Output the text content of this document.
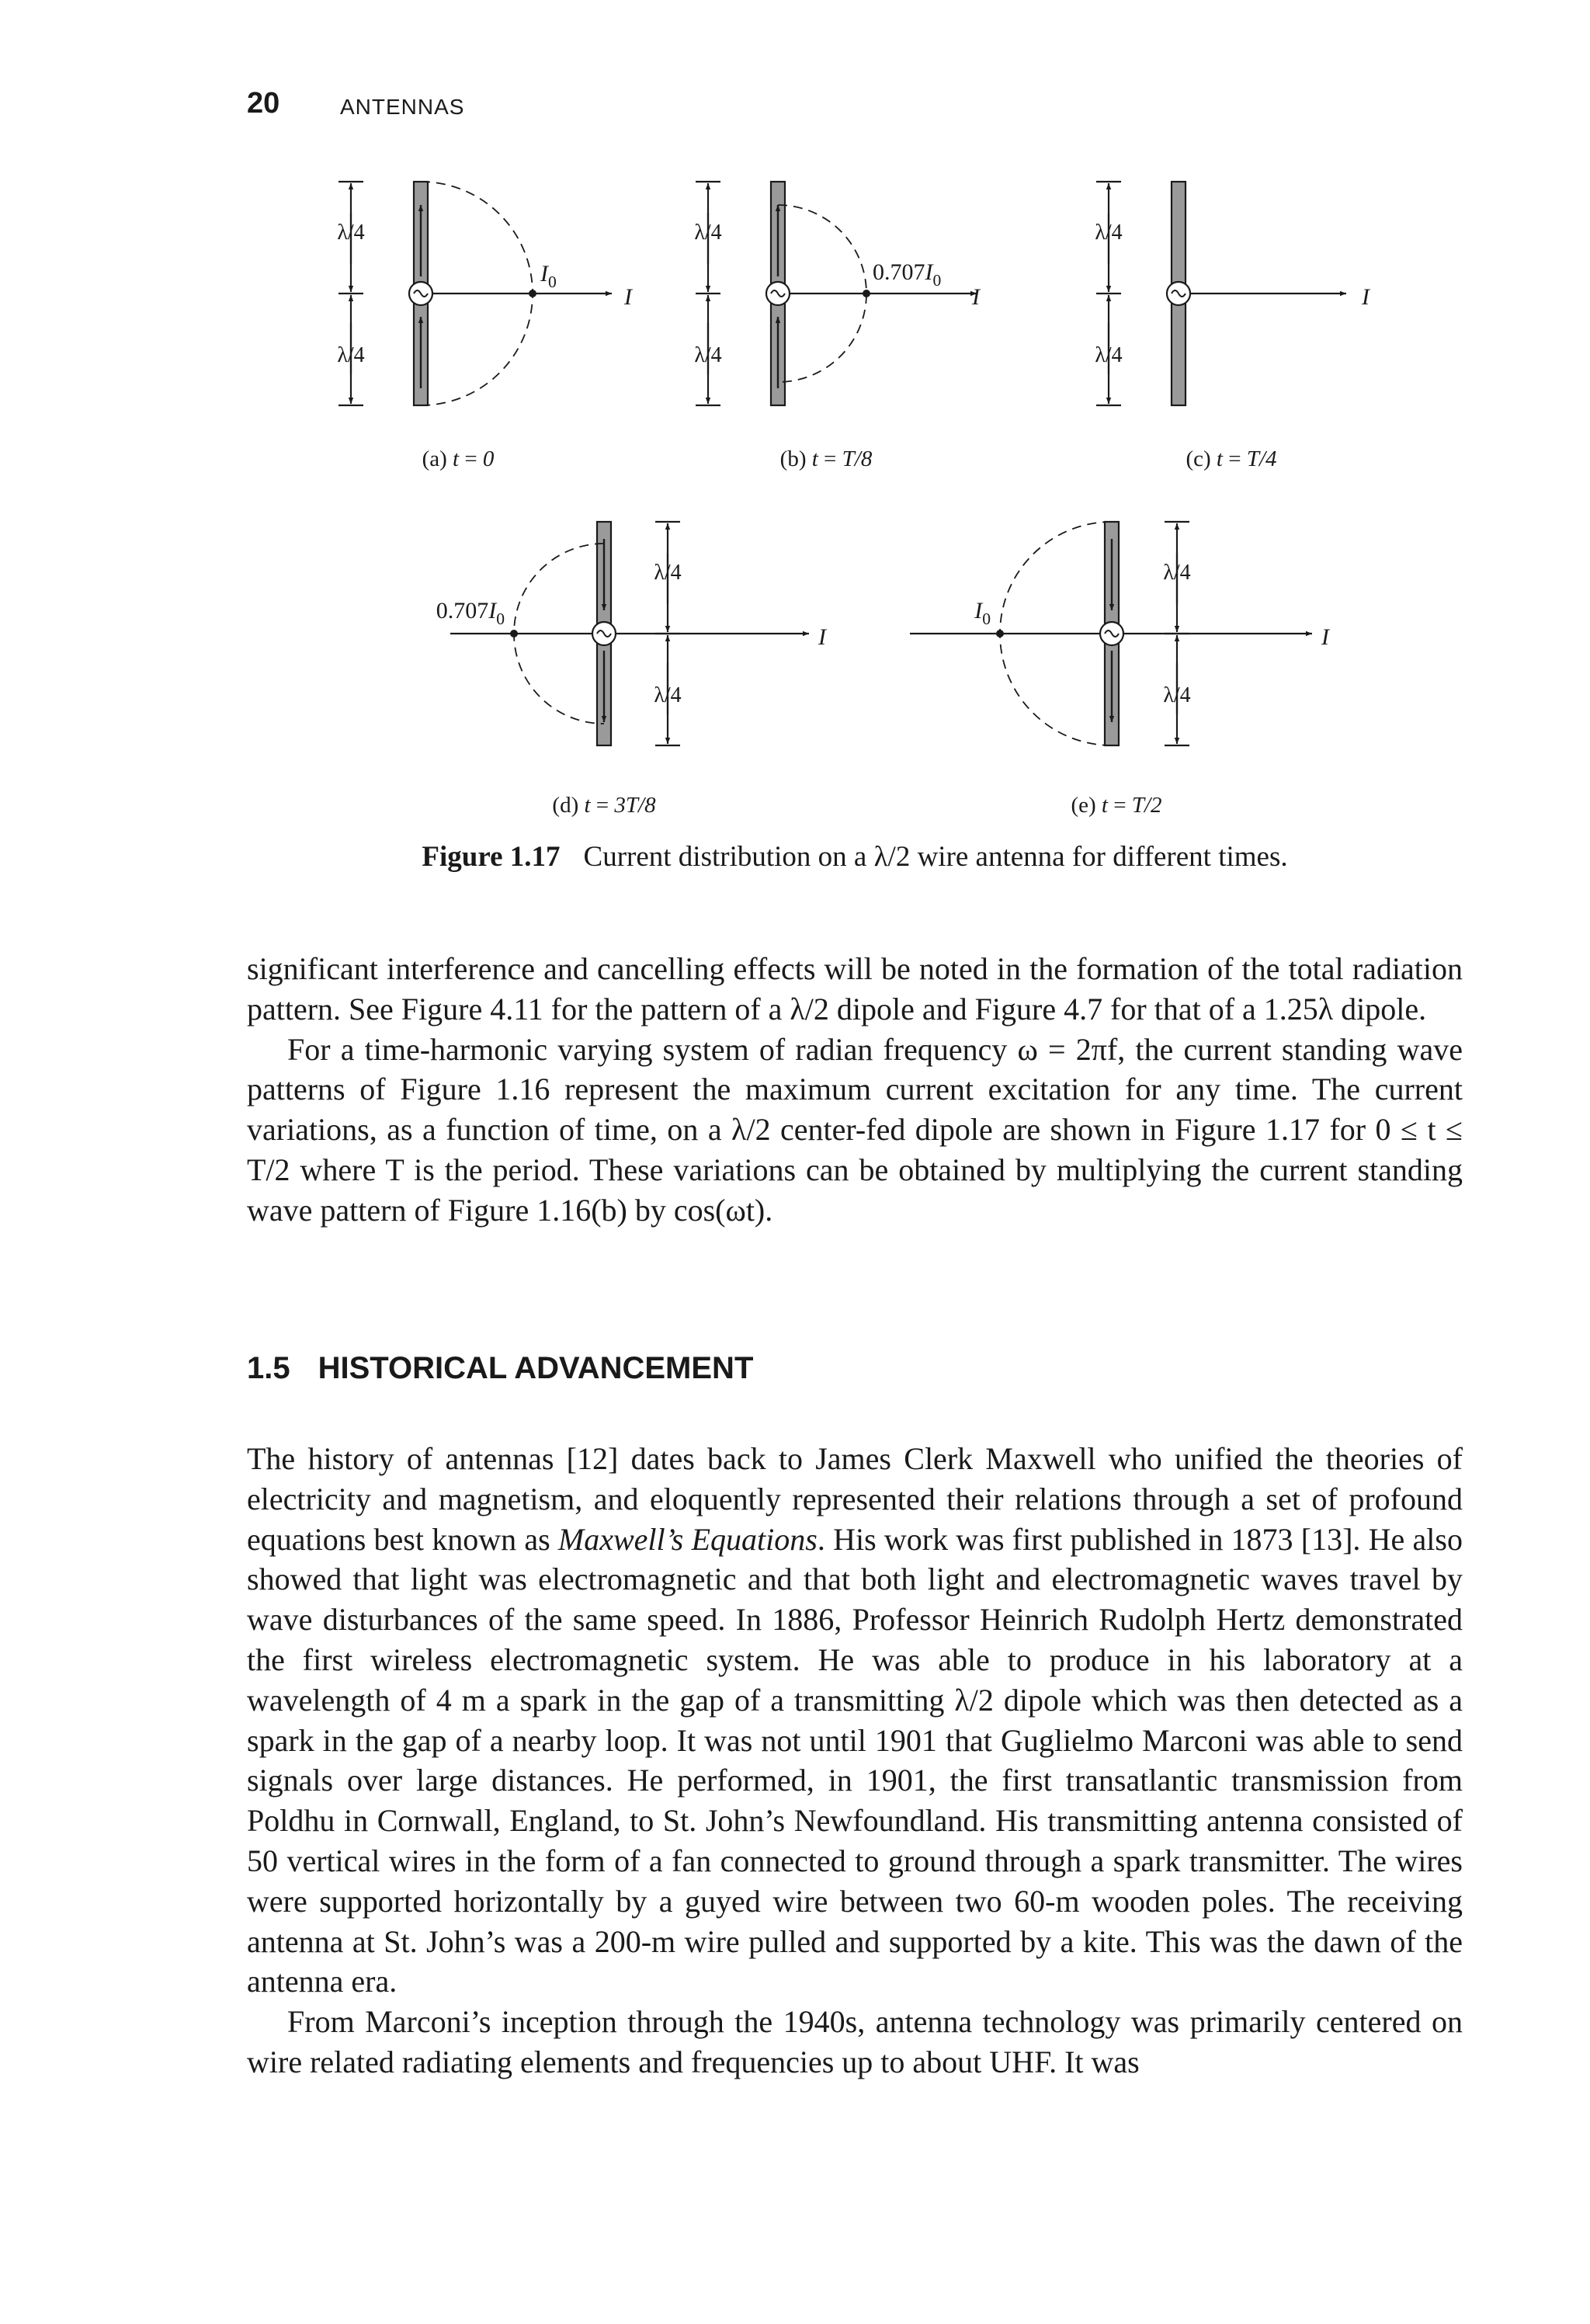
20	ANTENNAS
λ/4
λ/4
$I_0$
I
(a) t = 0
λ/4
λ/4
$0.707I_0$
I
(b) t = T/8
λ/4
λ/4
I
(c) t = T/4
λ/4
λ/4
$0.707I_0$
I
(d) t = 3T/8
λ/4
λ/4
$I_0$
I
(e) t = T/2
Figure 1.17 Current distribution on a λ/2 wire antenna for different times.

significant interference and cancelling effects will be noted in the formation of the total radiation pattern. See Figure 4.11 for the pattern of a λ/2 dipole and Figure 4.7 for that of a 1.25λ dipole.

For a time-harmonic varying system of radian frequency ω = 2πf, the current standing wave patterns of Figure 1.16 represent the maximum current excitation for any time. The current variations, as a function of time, on a λ/2 center-fed dipole are shown in Figure 1.17 for 0 ≤ t ≤ T/2 where T is the period. These variations can be obtained by multiplying the current standing wave pattern of Figure 1.16(b) by cos(ωt).

1.5 HISTORICAL ADVANCEMENT

The history of antennas [12] dates back to James Clerk Maxwell who unified the theories of electricity and magnetism, and eloquently represented their relations through a set of profound equations best known as Maxwell’s Equations. His work was first published in 1873 [13]. He also showed that light was electromagnetic and that both light and electromagnetic waves travel by wave disturbances of the same speed. In 1886, Professor Heinrich Rudolph Hertz demonstrated the first wireless electromagnetic system. He was able to produce in his laboratory at a wavelength of 4 m a spark in the gap of a transmitting λ/2 dipole which was then detected as a spark in the gap of a nearby loop. It was not until 1901 that Guglielmo Marconi was able to send signals over large distances. He performed, in 1901, the first transatlantic transmission from Poldhu in Cornwall, England, to St. John’s Newfoundland. His transmitting antenna consisted of 50 vertical wires in the form of a fan connected to ground through a spark transmitter. The wires were supported horizontally by a guyed wire between two 60-m wooden poles. The receiving antenna at St. John’s was a 200-m wire pulled and supported by a kite. This was the dawn of the antenna era.

From Marconi’s inception through the 1940s, antenna technology was primarily centered on wire related radiating elements and frequencies up to about UHF. It was
